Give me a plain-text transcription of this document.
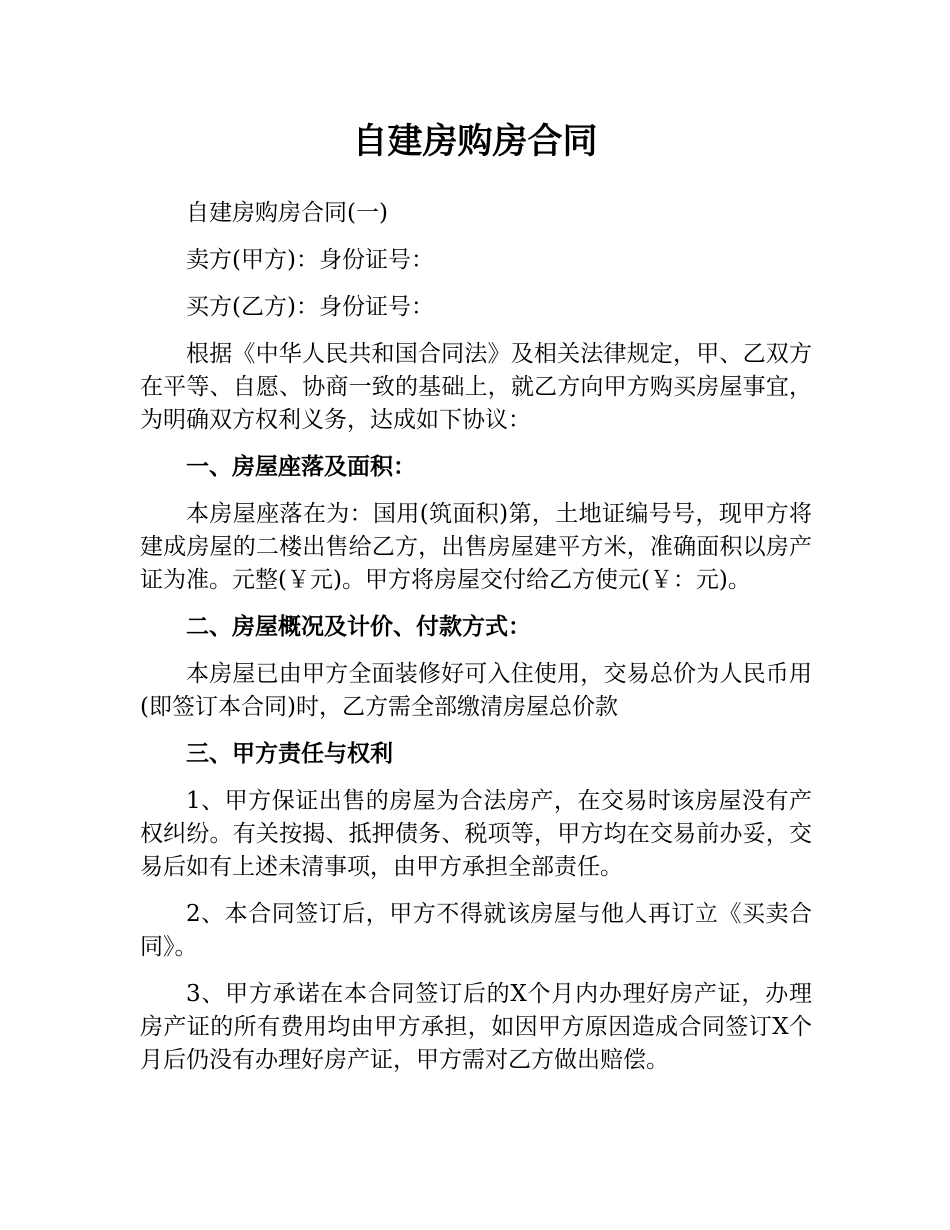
自建房购房合同

自建房购房合同(一)

卖方(甲方)：身份证号：

买方(乙方)：身份证号：

根据《中华人民共和国合同法》及相关法律规定，甲、乙双方在平等、自愿、协商一致的基础上，就乙方向甲方购买房屋事宜，为明确双方权利义务，达成如下协议：

一、房屋座落及面积：

本房屋座落在为：国用(筑面积)第，土地证编号号，现甲方将建成房屋的二楼出售给乙方，出售房屋建平方米，准确面积以房产证为准。元整(￥元)。甲方将房屋交付给乙方使元(￥：元)。

二、房屋概况及计价、付款方式：

本房屋已由甲方全面装修好可入住使用，交易总价为人民币用(即签订本合同)时，乙方需全部缴清房屋总价款

三、甲方责任与权利

1、甲方保证出售的房屋为合法房产，在交易时该房屋没有产权纠纷。有关按揭、抵押债务、税项等，甲方均在交易前办妥，交易后如有上述未清事项，由甲方承担全部责任。

2、本合同签订后，甲方不得就该房屋与他人再订立《买卖合同》。

3、甲方承诺在本合同签订后的X个月内办理好房产证，办理房产证的所有费用均由甲方承担，如因甲方原因造成合同签订X个月后仍没有办理好房产证，甲方需对乙方做出赔偿。
